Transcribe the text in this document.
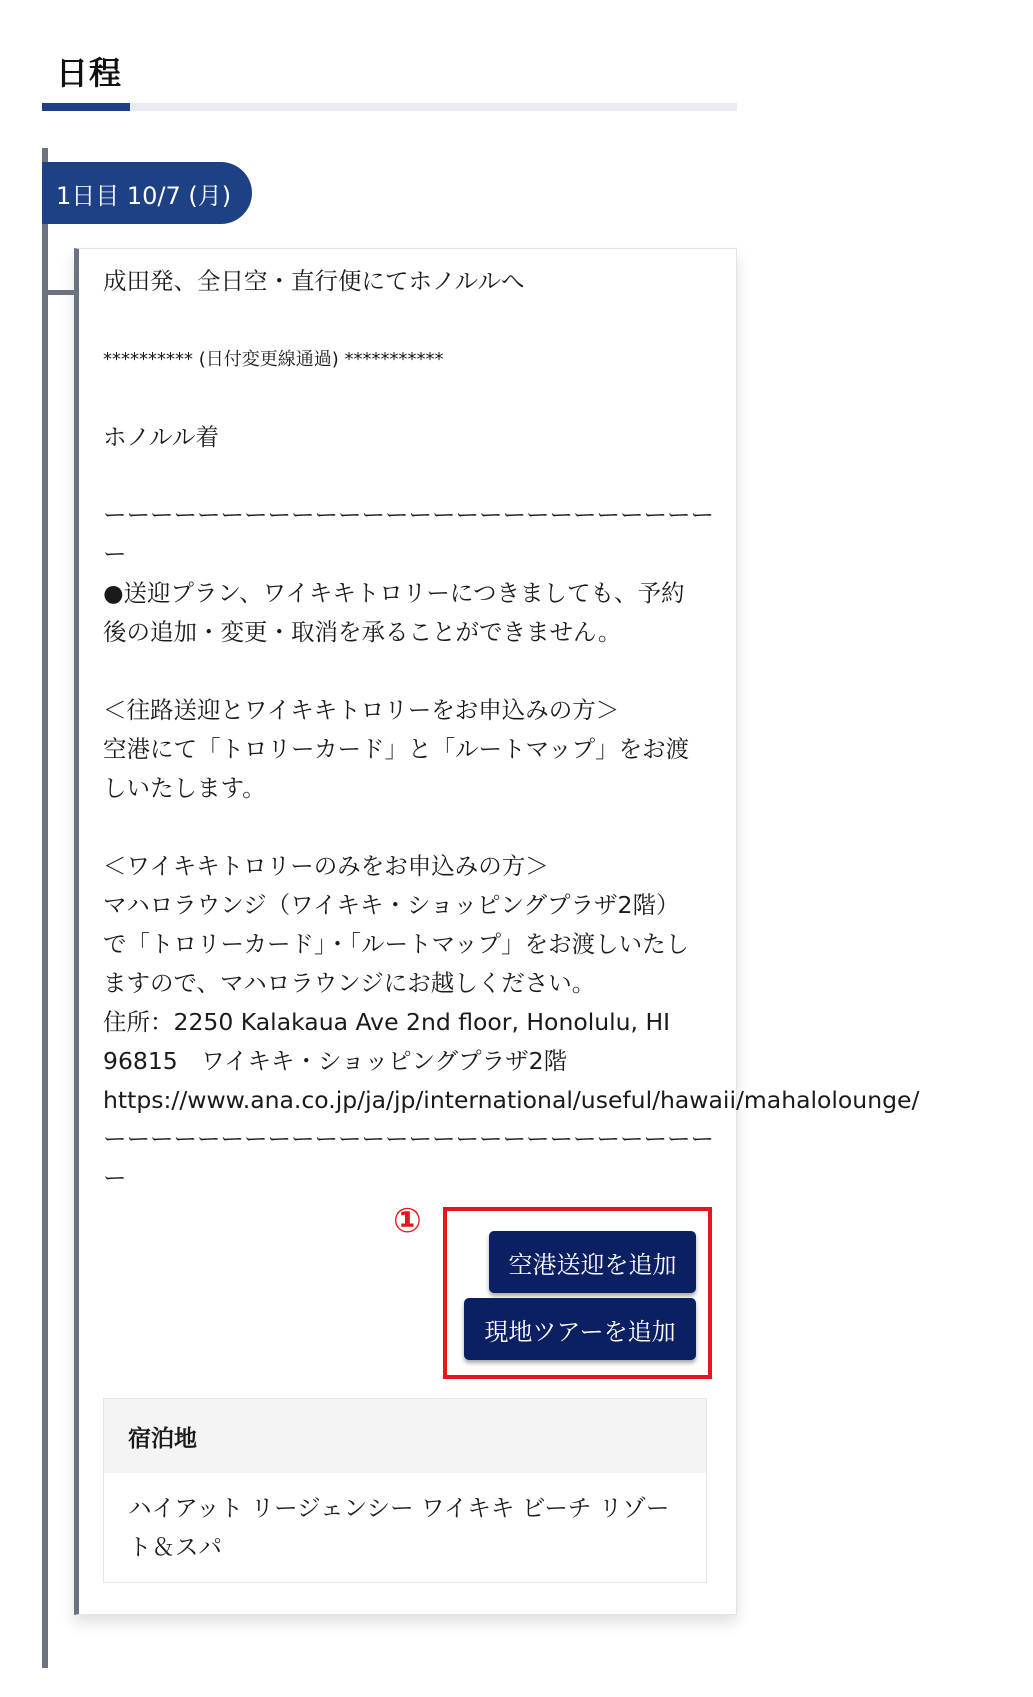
日程
1日目 10/7 (月)

成田発、全日空・直行便にてホノルルへ

********** (日付変更線通過) ***********

ホノルル着

ーーーーーーーーーーーーーーーーーーーーーーーーーー

ー

●送迎プラン、ワイキキトロリーにつきましても、予約

後の追加・変更・取消を承ることができません。

＜往路送迎とワイキキトロリーをお申込みの方＞

空港にて「トロリーカード」と「ルートマップ」をお渡

しいたします。

＜ワイキキトロリーのみをお申込みの方＞

マハロラウンジ（ワイキキ・ショッピングプラザ2階）

で「トロリーカード」・「ルートマップ」をお渡しいたし

ますので、マハロラウンジにお越しください。

住所：2250 Kalakaua Ave 2nd floor, Honolulu, HI

96815　ワイキキ・ショッピングプラザ2階

https://www.ana.co.jp/ja/jp/international/useful/hawaii/mahalolounge/

ーーーーーーーーーーーーーーーーーーーーーーーーーー

ー

①
空港送迎を追加
現地ツアーを追加
宿泊地
ハイアット リージェンシー ワイキキ ビーチ リゾート＆スパ
